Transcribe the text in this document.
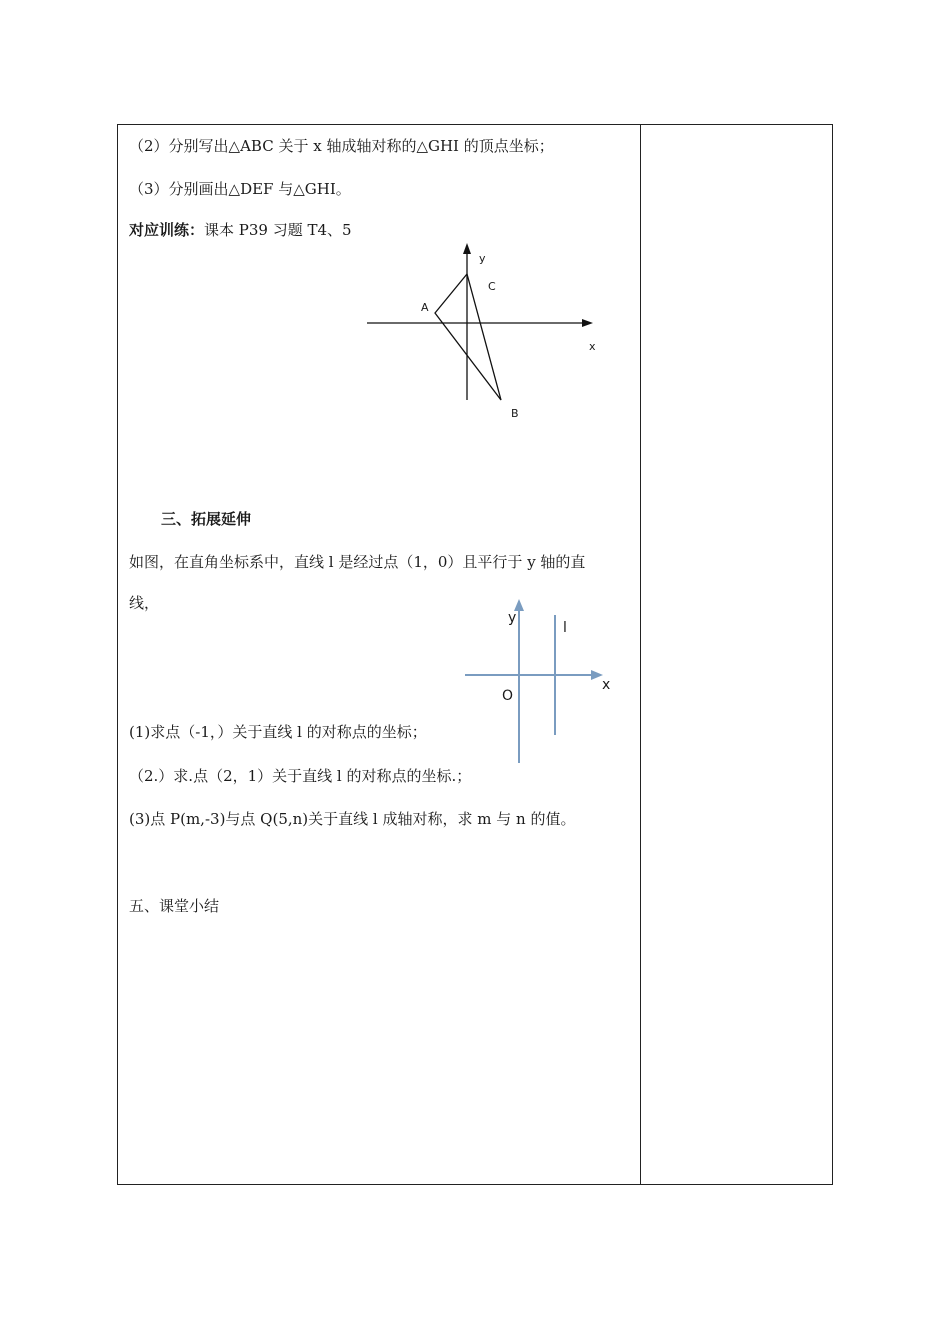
（2）分别写出△ABC 关于 x 轴成轴对称的△GHI 的顶点坐标；
（3）分别画出△DEF 与△GHI。
对应训练：课本 P39 习题 T4、5
y
C
A
x
B
三、拓展延伸
如图，在直角坐标系中，直线 l 是经过点（1，0）且平行于 y 轴的直
线，
y
l
x
O
(1)求点（-1，）关于直线 l 的对称点的坐标；
（2.）求.点（2，1）关于直线 l 的对称点的坐标.；
(3)点 P(m,-3)与点 Q(5,n)关于直线 l 成轴对称，求 m 与 n 的值。
五、课堂小结
